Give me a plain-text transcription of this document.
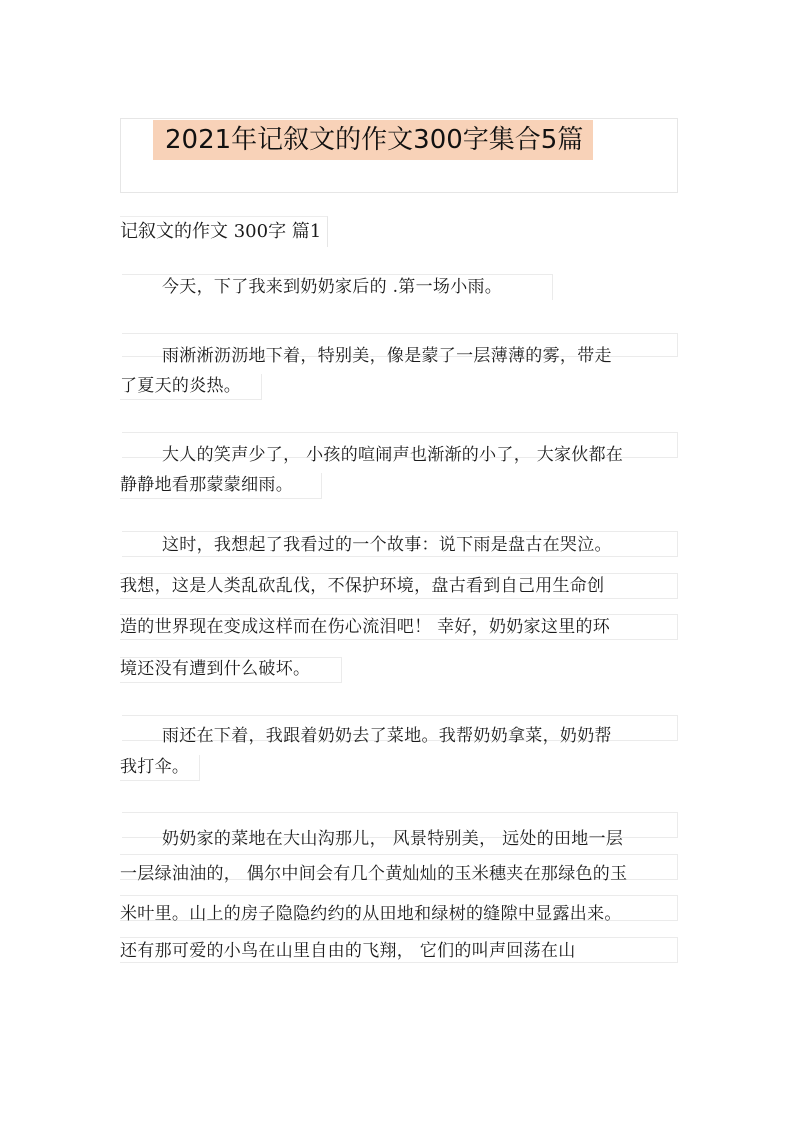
2021年记叙文的作文300字集合5篇
记叙文的作文 300字 篇1
今天，下了我来到奶奶家后的 .第一场小雨。
雨淅淅沥沥地下着，特别美，像是蒙了一层薄薄的雾，带走
了夏天的炎热。
大人的笑声少了， 小孩的喧闹声也渐渐的小了， 大家伙都在
静静地看那蒙蒙细雨。
这时，我想起了我看过的一个故事：说下雨是盘古在哭泣。
我想，这是人类乱砍乱伐，不保护环境，盘古看到自己用生命创
造的世界现在变成这样而在伤心流泪吧！ 幸好，奶奶家这里的环
境还没有遭到什么破坏。
雨还在下着，我跟着奶奶去了菜地。我帮奶奶拿菜，奶奶帮
我打伞。
奶奶家的菜地在大山沟那儿， 风景特别美， 远处的田地一层
一层绿油油的， 偶尔中间会有几个黄灿灿的玉米穗夹在那绿色的玉
米叶里。山上的房子隐隐约约的从田地和绿树的缝隙中显露出来。
还有那可爱的小鸟在山里自由的飞翔， 它们的叫声回荡在山
